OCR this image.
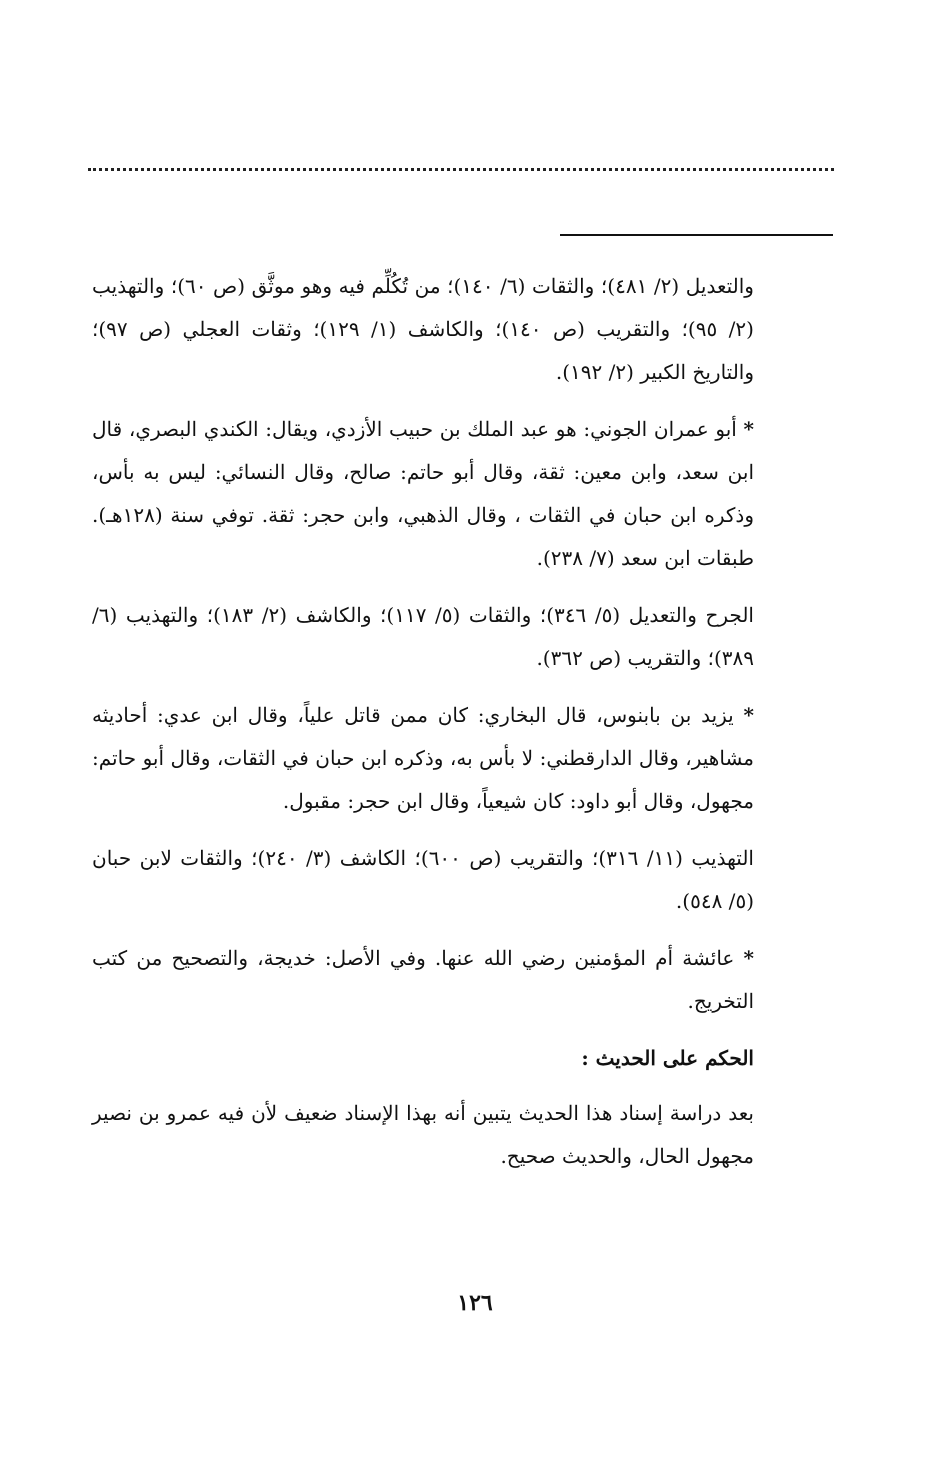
والتعديل (٢/ ٤٨١)؛ والثقات (٦/ ١٤٠)؛ من تُكُلِّم فيه وهو موثَّق (ص ٦٠)؛ والتهذيب (٢/ ٩٥)؛ والتقريب (ص ١٤٠)؛ والكاشف (١/ ١٢٩)؛ وثقات العجلي (ص ٩٧)؛ والتاريخ الكبير (٢/ ١٩٢).

* أبو عمران الجوني: هو عبد الملك بن حبيب الأزدي، ويقال: الكندي البصري، قال ابن سعد، وابن معين: ثقة، وقال أبو حاتم: صالح، وقال النسائي: ليس به بأس، وذكره ابن حبان في الثقات ، وقال الذهبي، وابن حجر: ثقة. توفي سنة (١٢٨هـ). طبقات ابن سعد (٧/ ٢٣٨).

الجرح والتعديل (٥/ ٣٤٦)؛ والثقات (٥/ ١١٧)؛ والكاشف (٢/ ١٨٣)؛ والتهذيب (٦/ ٣٨٩)؛ والتقريب (ص ٣٦٢).

* يزيد بن بابنوس، قال البخاري: كان ممن قاتل علياً، وقال ابن عدي: أحاديثه مشاهير، وقال الدارقطني: لا بأس به، وذكره ابن حبان في الثقات، وقال أبو حاتم: مجهول، وقال أبو داود: كان شيعياً، وقال ابن حجر: مقبول.

التهذيب (١١/ ٣١٦)؛ والتقريب (ص ٦٠٠)؛ الكاشف (٣/ ٢٤٠)؛ والثقات لابن حبان (٥/ ٥٤٨).

* عائشة أم المؤمنين رضي الله عنها. وفي الأصل: خديجة، والتصحيح من كتب التخريج.

الحكم على الحديث :

بعد دراسة إسناد هذا الحديث يتبين أنه بهذا الإسناد ضعيف لأن فيه عمرو بن نصير مجهول الحال، والحديث صحيح.

١٢٦
